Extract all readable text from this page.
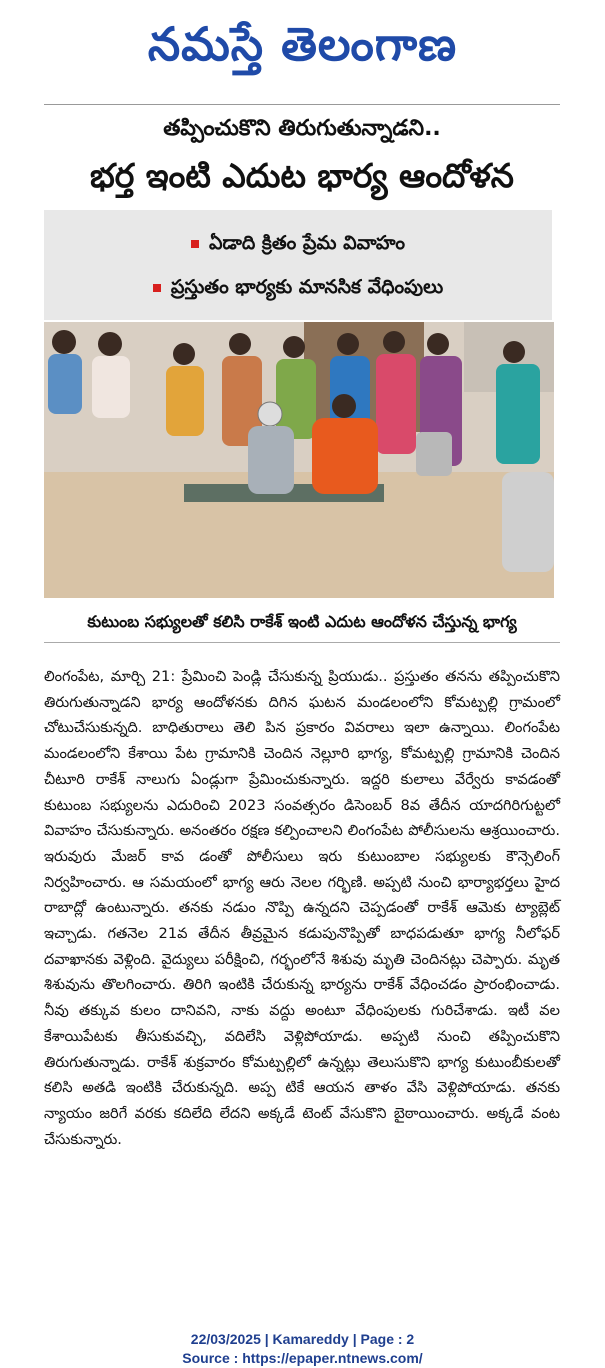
నమస్తే తెలంగాణ
తప్పించుకొని తిరుగుతున్నాడని..
భర్త ఇంటి ఎదుట భార్య ఆందోళన
ఏడాది క్రితం ప్రేమ వివాహం
ప్రస్తుతం భార్యకు మానసిక వేధింపులు
కుటుంబ సభ్యులతో కలిసి రాకేశ్ ఇంటి ఎదుట ఆందోళన చేస్తున్న భాగ్య
లింగంపేట, మార్చి 21: ప్రేమించి పెండ్లి చేసుకున్న ప్రియుడు.. ప్రస్తుతం తనను తప్పించుకొని తిరుగుతున్నాడని భార్య ఆందోళనకు దిగిన ఘటన మండలంలోని కోమట్పల్లి గ్రామంలో చోటుచేసుకున్నది. బాధితురాలు తెలి పిన ప్రకారం వివరాలు ఇలా ఉన్నాయి. లింగంపేట మండలంలోని కేశాయి పేట గ్రామానికి చెందిన నెల్లూరి భాగ్య, కోమట్పల్లి గ్రామానికి చెందిన చీటూరి రాకేశ్ నాలుగు ఏండ్లుగా ప్రేమించుకున్నారు. ఇద్దరి కులాలు వేర్వేరు కావడంతో కుటుంబ సభ్యులను ఎదురించి 2023 సంవత్సరం డిసెంబర్ 8వ తేదీన యాదగిరిగుట్టలో వివాహం చేసుకున్నారు. అనంతరం రక్షణ కల్పించాలని లింగంపేట పోలీసులను ఆశ్రయించారు. ఇరువురు మేజర్ కావ డంతో పోలీసులు ఇరు కుటుంబాల సభ్యులకు కౌన్సెలింగ్ నిర్వహించారు. ఆ సమయంలో భాగ్య ఆరు నెలల గర్భిణి. అప్పటి నుంచి భార్యాభర్తలు హైద రాబాద్లో ఉంటున్నారు. తనకు నడుం నొప్పి ఉన్నదని చెప్పడంతో రాకేశ్ ఆమెకు ట్యాబ్లెట్ ఇచ్చాడు. గతనెల 21వ తేదీన తీవ్రమైన కడుపునొప్పితో బాధపడుతూ భాగ్య నీలోఫర్ దవాఖానకు వెళ్లింది. వైద్యులు పరీక్షించి, గర్భంలోనే శిశువు మృతి చెందినట్లు చెప్పారు. మృత శిశువును తొలగించారు. తిరిగి ఇంటికి చేరుకున్న భార్యను రాకేశ్ వేధించడం ప్రారంభించాడు. నీవు తక్కువ కులం దానివని, నాకు వద్దు అంటూ వేధింపులకు గురిచేశాడు. ఇటీ వల కేశాయిపేటకు తీసుకువచ్చి, వదిలేసి వెళ్లిపోయాడు. అప్పటి నుంచి తప్పించుకొని తిరుగుతున్నాడు. రాకేశ్ శుక్రవారం కోమట్పల్లిలో ఉన్నట్లు తెలుసుకొని భాగ్య కుటుంబీకులతో కలిసి అతడి ఇంటికి చేరుకున్నది. అప్ప టికే ఆయన తాళం వేసి వెళ్లిపోయాడు. తనకు న్యాయం జరిగే వరకు కదిలేది లేదని అక్కడే టెంట్ వేసుకొని బైఠాయించారు. అక్కడే వంట చేసుకున్నారు.
22/03/2025 | Kamareddy | Page : 2
Source : https://epaper.ntnews.com/
